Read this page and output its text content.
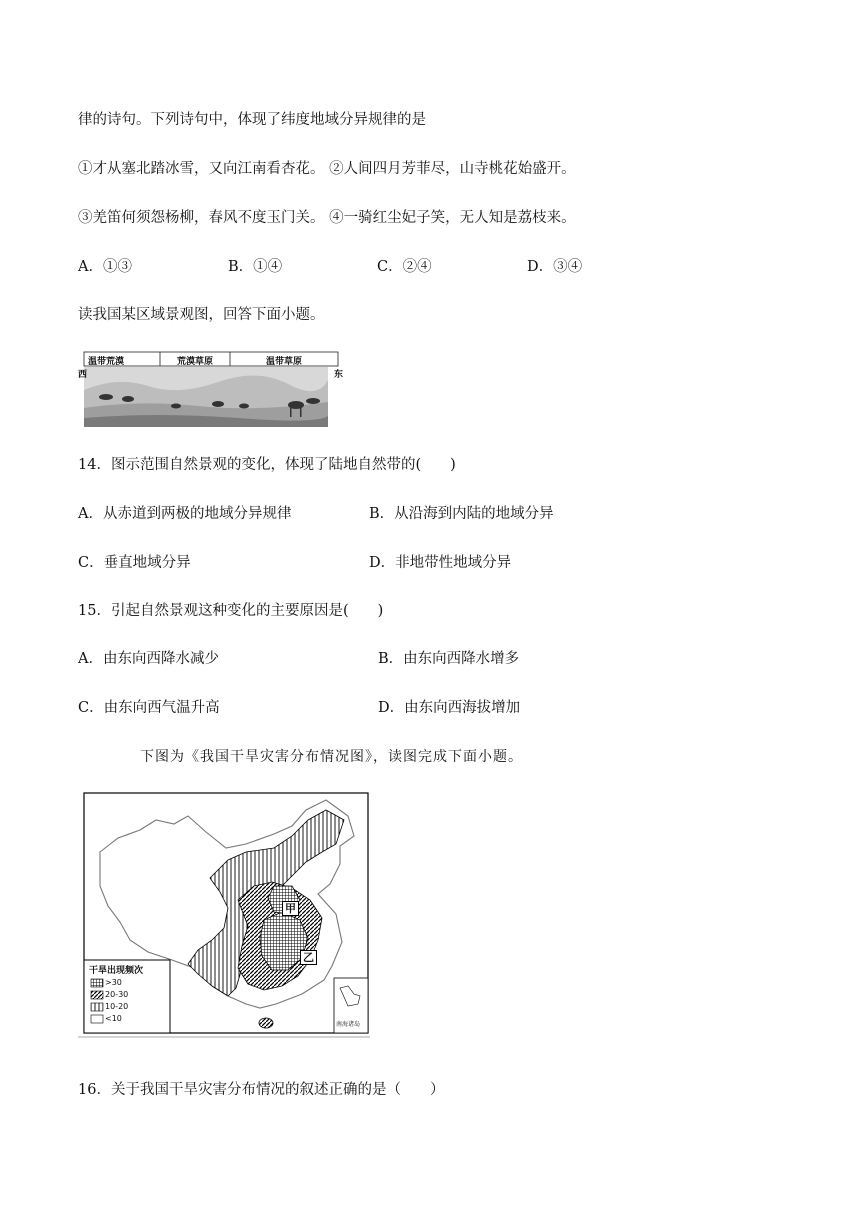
律的诗句。下列诗句中，体现了纬度地域分异规律的是
①才从塞北踏冰雪，又向江南看杏花。 ②人间四月芳菲尽，山寺桃花始盛开。
③羌笛何须怨杨柳，春风不度玉门关。 ④一骑红尘妃子笑，无人知是荔枝来。
A．①③	B．①④	C．②④	D．③④
读我国某区域景观图，回答下面小题。
西	东
温带荒漠	荒漠草原	温带草原
14．图示范围自然景观的变化，体现了陆地自然带的(　　)
A．从赤道到两极的地域分异规律	B．从沿海到内陆的地域分异
C．垂直地域分异	D．非地带性地域分异
15．引起自然景观这种变化的主要原因是(　　)
A．由东向西降水减少	B．由东向西降水增多
C．由东向西气温升高	D．由东向西海拔增加
下图为《我国干旱灾害分布情况图》，读图完成下面小题。
干旱出现频次
>30
20-30
10-20
<10
甲
乙
南海诸岛
16．关于我国干旱灾害分布情况的叙述正确的是（　　）
